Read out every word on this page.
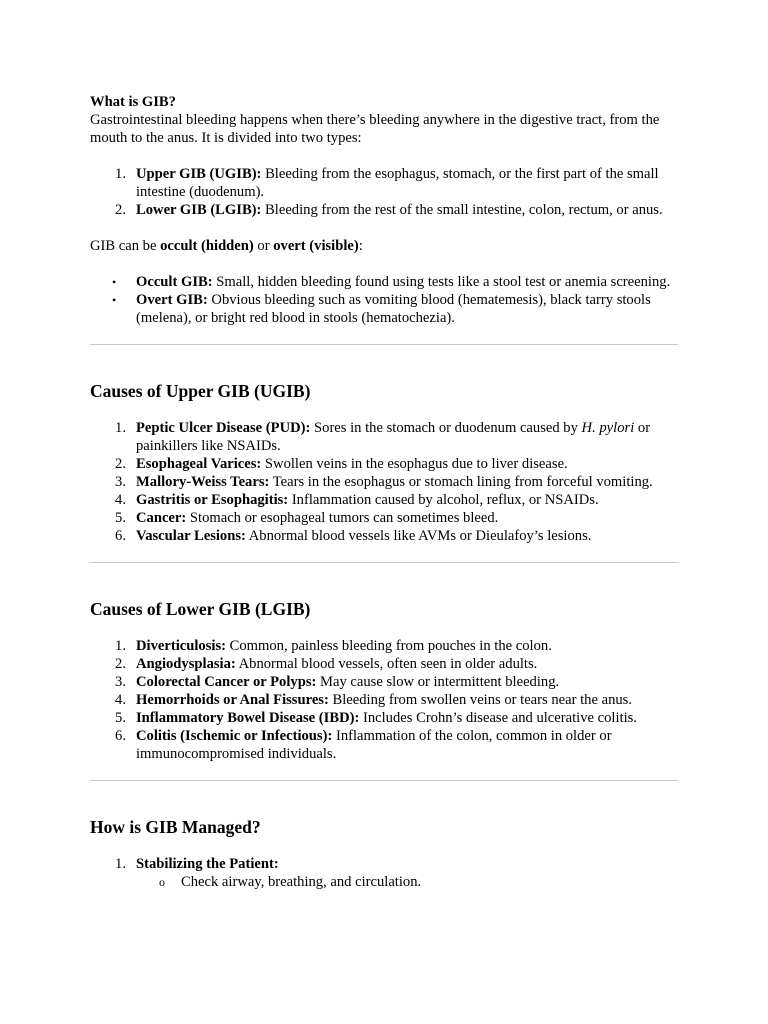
What is GIB?

Gastrointestinal bleeding happens when there’s bleeding anywhere in the digestive tract, from the mouth to the anus. It is divided into two types:

1. Upper GIB (UGIB): Bleeding from the esophagus, stomach, or the first part of the small intestine (duodenum).
2. Lower GIB (LGIB): Bleeding from the rest of the small intestine, colon, rectum, or anus.

GIB can be occult (hidden) or overt (visible):

• Occult GIB: Small, hidden bleeding found using tests like a stool test or anemia screening.
• Overt GIB: Obvious bleeding such as vomiting blood (hematemesis), black tarry stools (melena), or bright red blood in stools (hematochezia).
Causes of Upper GIB (UGIB)
1. Peptic Ulcer Disease (PUD): Sores in the stomach or duodenum caused by H. pylori or painkillers like NSAIDs.
2. Esophageal Varices: Swollen veins in the esophagus due to liver disease.
3. Mallory-Weiss Tears: Tears in the esophagus or stomach lining from forceful vomiting.
4. Gastritis or Esophagitis: Inflammation caused by alcohol, reflux, or NSAIDs.
5. Cancer: Stomach or esophageal tumors can sometimes bleed.
6. Vascular Lesions: Abnormal blood vessels like AVMs or Dieulafoy’s lesions.
Causes of Lower GIB (LGIB)
1. Diverticulosis: Common, painless bleeding from pouches in the colon.
2. Angiodysplasia: Abnormal blood vessels, often seen in older adults.
3. Colorectal Cancer or Polyps: May cause slow or intermittent bleeding.
4. Hemorrhoids or Anal Fissures: Bleeding from swollen veins or tears near the anus.
5. Inflammatory Bowel Disease (IBD): Includes Crohn’s disease and ulcerative colitis.
6. Colitis (Ischemic or Infectious): Inflammation of the colon, common in older or immunocompromised individuals.
How is GIB Managed?
1. Stabilizing the Patient:
o Check airway, breathing, and circulation.
